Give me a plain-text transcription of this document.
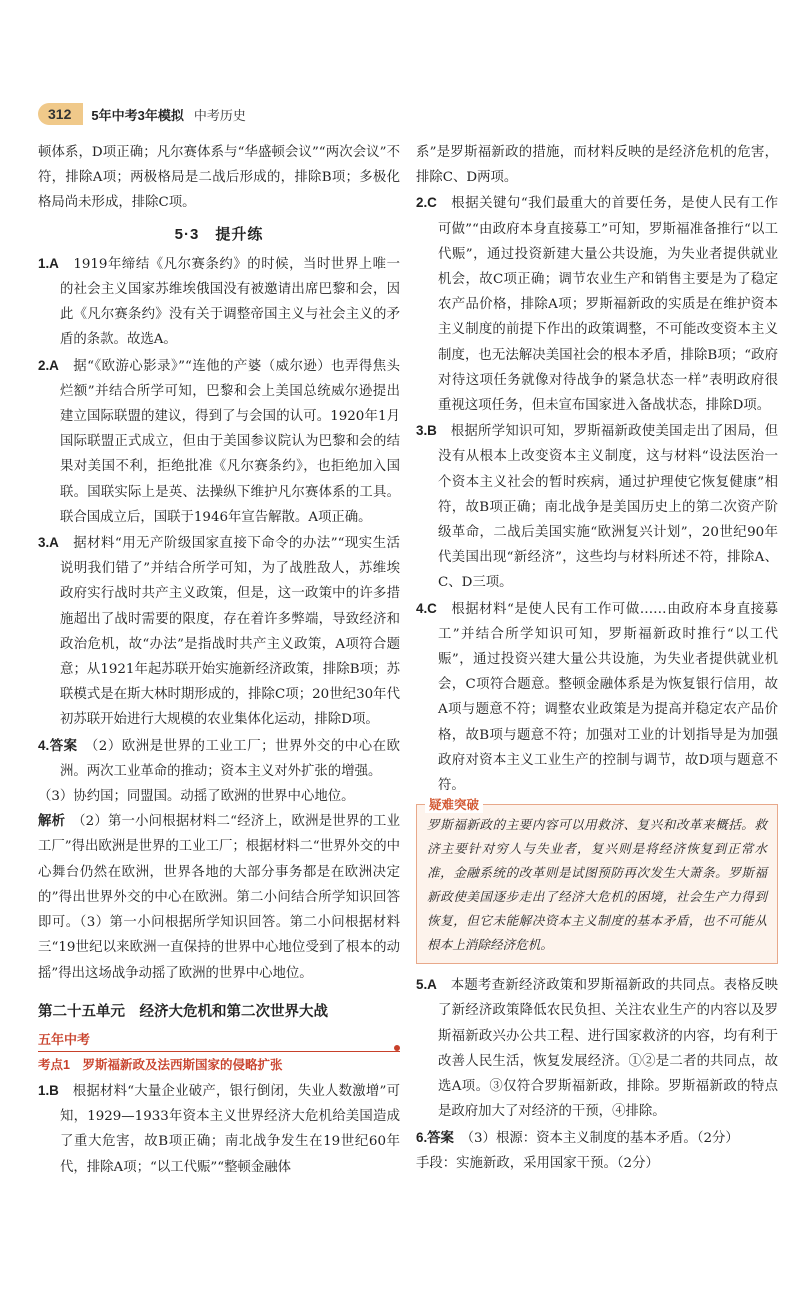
312	5年中考3年模拟 中考历史

顿体系，D项正确；凡尔赛体系与“华盛顿会议”“两次会议”不符，排除A项；两极格局是二战后形成的，排除B项；多极化格局尚未形成，排除C项。

5·3　提升练

1.A　 1919年缔结《凡尔赛条约》的时候，当时世界上唯一的社会主义国家苏维埃俄国没有被邀请出席巴黎和会，因此《凡尔赛条约》没有关于调整帝国主义与社会主义的矛盾的条款。故选A。

2.A　 据“《欧游心影录》”“连他的产婆（威尔逊）也弄得焦头烂额”并结合所学可知，巴黎和会上美国总统威尔逊提出建立国际联盟的建议，得到了与会国的认可。1920年1月国际联盟正式成立，但由于美国参议院认为巴黎和会的结果对美国不利，拒绝批准《凡尔赛条约》，也拒绝加入国联。国联实际上是英、法操纵下维护凡尔赛体系的工具。联合国成立后，国联于1946年宣告解散。A项正确。

3.A　 据材料“用无产阶级国家直接下命令的办法”“现实生活说明我们错了”并结合所学可知，为了战胜敌人，苏维埃政府实行战时共产主义政策，但是，这一政策中的许多措施超出了战时需要的限度，存在着许多弊端，导致经济和政治危机，故“办法”是指战时共产主义政策，A项符合题意；从1921年起苏联开始实施新经济政策，排除B项；苏联模式是在斯大林时期形成的，排除C项；20世纪30年代初苏联开始进行大规模的农业集体化运动，排除D项。

4.答案　 （2）欧洲是世界的工业工厂；世界外交的中心在欧洲。两次工业革命的推动；资本主义对外扩张的增强。

（3）协约国；同盟国。动摇了欧洲的世界中心地位。

解析　 （2）第一小问根据材料二“经济上，欧洲是世界的工业工厂”得出欧洲是世界的工业工厂；根据材料二“世界外交的中心舞台仍然在欧洲，世界各地的大部分事务都是在欧洲决定的”得出世界外交的中心在欧洲。第二小问结合所学知识回答即可。（3）第一小问根据所学知识回答。第二小问根据材料三“19世纪以来欧洲一直保持的世界中心地位受到了根本的动摇”得出这场战争动摇了欧洲的世界中心地位。

第二十五单元　经济大危机和第二次世界大战
五年中考
考点1　罗斯福新政及法西斯国家的侵略扩张

1.B　 根据材料“大量企业破产，银行倒闭，失业人数激增”可知，1929—1933年资本主义世界经济大危机给美国造成了重大危害，故B项正确；南北战争发生在19世纪60年代，排除A项；“以工代赈”“整顿金融体

系”是罗斯福新政的措施，而材料反映的是经济危机的危害，排除C、D两项。

2.C　 根据关键句“我们最重大的首要任务，是使人民有工作可做”“由政府本身直接募工”可知，罗斯福准备推行“以工代赈”，通过投资新建大量公共设施，为失业者提供就业机会，故C项正确；调节农业生产和销售主要是为了稳定农产品价格，排除A项；罗斯福新政的实质是在维护资本主义制度的前提下作出的政策调整，不可能改变资本主义制度，也无法解决美国社会的根本矛盾，排除B项；“政府对待这项任务就像对待战争的紧急状态一样”表明政府很重视这项任务，但未宣布国家进入备战状态，排除D项。

3.B　 根据所学知识可知，罗斯福新政使美国走出了困局，但没有从根本上改变资本主义制度，这与材料“设法医治一个资本主义社会的暂时疾病，通过护理使它恢复健康”相符，故B项正确；南北战争是美国历史上的第二次资产阶级革命，二战后美国实施“欧洲复兴计划”，20世纪90年代美国出现“新经济”，这些均与材料所述不符，排除A、C、D三项。

4.C　 根据材料“是使人民有工作可做……由政府本身直接募工”并结合所学知识可知，罗斯福新政时推行“以工代赈”，通过投资兴建大量公共设施，为失业者提供就业机会，C项符合题意。整顿金融体系是为恢复银行信用，故A项与题意不符；调整农业政策是为提高并稳定农产品价格，故B项与题意不符；加强对工业的计划指导是为加强政府对资本主义工业生产的控制与调节，故D项与题意不符。

疑难突破

罗斯福新政的主要内容可以用救济、复兴和改革来概括。救济主要针对穷人与失业者，复兴则是将经济恢复到正常水准，金融系统的改革则是试图预防再次发生大萧条。罗斯福新政使美国逐步走出了经济大危机的困境，社会生产力得到恢复，但它未能解决资本主义制度的基本矛盾，也不可能从根本上消除经济危机。

5.A　 本题考查新经济政策和罗斯福新政的共同点。表格反映了新经济政策降低农民负担、关注农业生产的内容以及罗斯福新政兴办公共工程、进行国家救济的内容，均有利于改善人民生活，恢复发展经济。①②是二者的共同点，故选A项。③仅符合罗斯福新政，排除。罗斯福新政的特点是政府加大了对经济的干预，④排除。

6.答案　 （3）根源：资本主义制度的基本矛盾。（2分）

手段：实施新政，采用国家干预。（2分）
